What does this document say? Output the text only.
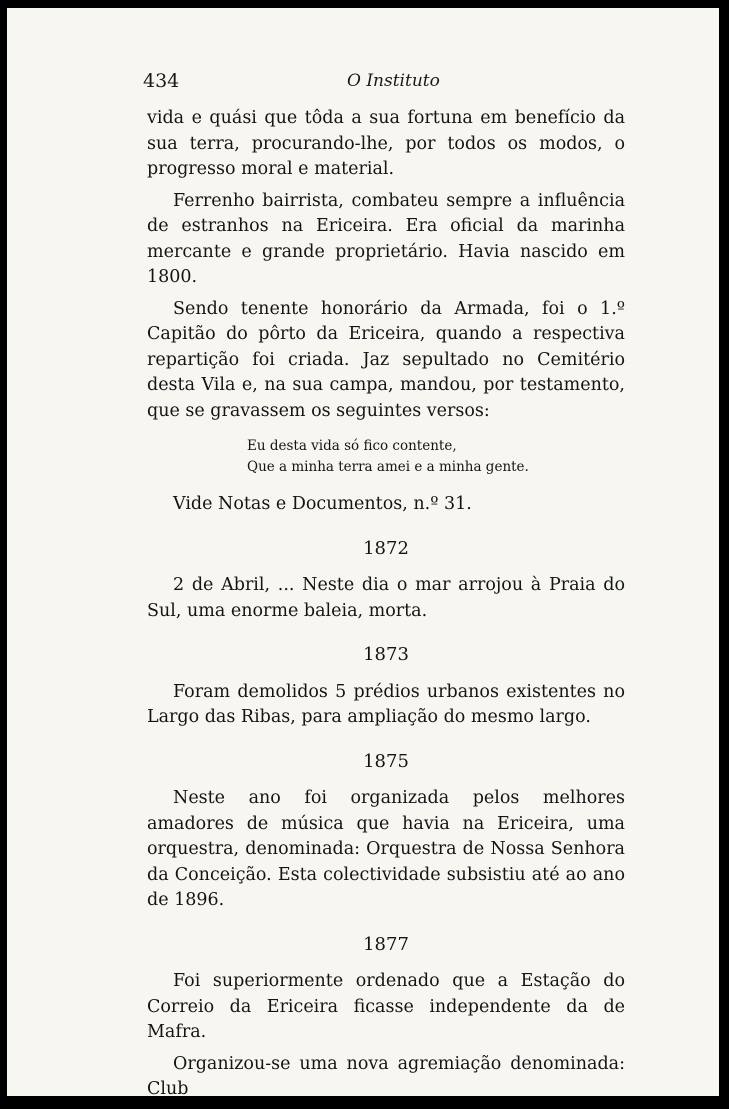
434	O Instituto

vida e quási que tôda a sua fortuna em benefício da sua terra, procurando-lhe, por todos os modos, o progresso moral e material.

Ferrenho bairrista, combateu sempre a influência de estranhos na Ericeira. Era oficial da marinha mercante e grande proprietário. Havia nascido em 1800.

Sendo tenente honorário da Armada, foi o 1.º Capitão do pôrto da Ericeira, quando a respectiva repartição foi criada. Jaz sepultado no Cemitério desta Vila e, na sua campa, mandou, por testamento, que se gravassem os seguintes versos:

Eu desta vida só fico contente,
Que a minha terra amei e a minha gente.

Vide Notas e Documentos, n.º 31.

1872

2 de Abril, ... Neste dia o mar arrojou à Praia do Sul, uma enorme baleia, morta.

1873

Foram demolidos 5 prédios urbanos existentes no Largo das Ribas, para ampliação do mesmo largo.

1875

Neste ano foi organizada pelos melhores amadores de música que havia na Ericeira, uma orquestra, denominada: Orquestra de Nossa Senhora da Conceição. Esta colectividade subsistiu até ao ano de 1896.

1877

Foi superiormente ordenado que a Estação do Correio da Ericeira ficasse independente da de Mafra.

Organizou-se uma nova agremiação denominada: Club
